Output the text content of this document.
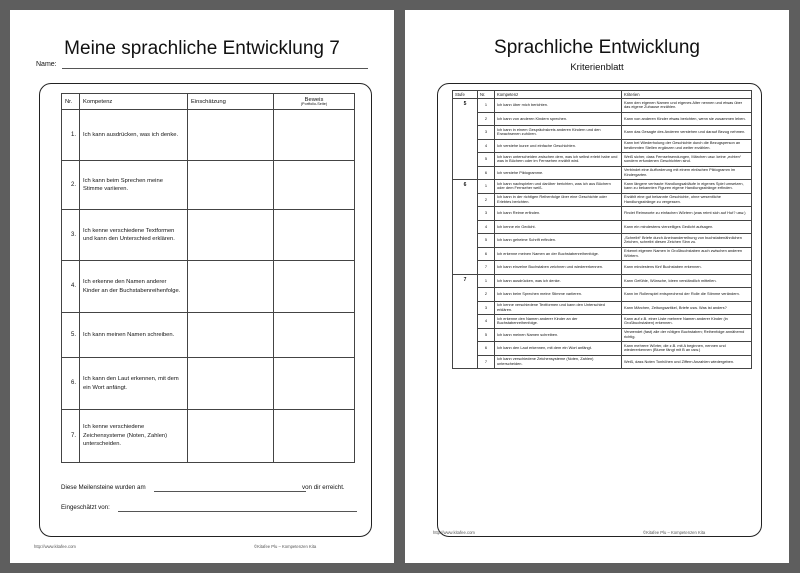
Meine sprachliche Entwicklung 7
Name:
Nr.	Kompetenz	Einschätzung	Beweis
(Portfolio-Seite)

1.	Ich kann ausdrücken, was ich denke.		
2.	Ich kann beim Sprechen meine Stimme variieren.		
3.	Ich kenne verschiedene Textformen und kann den Unterschied erklären.		
4.	Ich erkenne den Namen anderer Kinder an der Buchstabenreihenfolge.		
5.	Ich kann meinen Namen schreiben.		
6.	Ich kann den Laut erkennen, mit dem ein Wort anfängt.		
7.	Ich kenne verschiedene Zeichensysteme (Noten, Zahlen) unterscheiden.		
Diese Meilensteine wurden am	von dir erreicht.
Eingeschätzt von:
http://www.kitafee.com	©Kitafee Plu – Kompetenzen Kita
Sprachliche Entwicklung
Kriterienblatt
Stufe	Nr.	Kompetenz	Kriterien
5	1	Ich kann über mich berichten.	Kann den eigenen Namen und eigenes Alter nennen und etwas über das eigene Zuhause erzählen.
	2	Ich kann von anderen Kindern sprechen.	Kann von anderen Kinder etwas berichten, wenn sie zusammen leben.
	3	Ich kann in einem Gesprächskreis anderen Kindern und den Erwachsenen zuhören.	Kann das Gesagte des Anderen verstehen und darauf Bezug nehmen.
	4	Ich verstehe kurze und einfache Geschichten.	Kann bei Wiederholung der Geschichte durch die Bezugsperson an bestimmten Stellen ergänzen und weiter erzählen.
	5	Ich kann unterscheiden zwischen dem, was ich selbst erlebt habe und was in Büchern oder im Fernsehen erzählt wird.	Weiß sicher, dass Fernsehsendungen, Märchen usw. keine „echten“ sondern erfundenen Geschichten sind.
	6	Ich verstehe Piktogramme.	Verbindet eine Aufforderung mit einem einfachen Piktogramm im Kindergarten.
6	1	Ich kann nachspielen und darüber berichten, was ich aus Büchern oder dem Fernseher weiß.	Kann längere vertraute Handlungsabläufe in eigenes Spiel umsetzen, kann zu bekannten Figuren eigene Handlungsstränge erfinden.
	2	Ich kann in der richtigen Reihenfolge über eine Geschichte oder Erlebtes berichten.	Erzählt eine gut bekannte Geschichte, ohne wesentliche Handlungsstränge zu vergessen.
	3	Ich kann Reime erfinden.	Findet Reimworte zu einfachen Wörtern (was reimt sich auf Hut? usw.)
	4	Ich kenne ein Gedicht.	Kann ein mindestens vierzeiliges Gedicht aufsagen.
	5	Ich kann geheime Schrift erfinden.	„Schreibt“ Briefe durch Aneinanderreihung von buchstabenähnlichen Zeichen, schreibt diesen Zeichen Sinn zu.
	6	Ich erkenne meinen Namen an der Buchstabenreihenfolge.	Erkennt eigenen Namen in Großbuchstaben auch zwischen anderen Wörtern.
	7	Ich kann einzelne Buchstaben zeichnen und wiedererkennen.	Kann mindestens fünf Buchstaben erkennen.
7	1	Ich kann ausdrücken, was ich denke.	Kann Gefühle, Wünsche, Ideen verständlich mitteilen.
	2	Ich kann beim Sprechen meine Stimme variieren.	Kann im Rollenspiel entsprechend der Rolle die Stimme verändern.
	3	Ich kenne verschiedene Textformen und kann den Unterschied erklären.	Kann Märchen, Zeitungsartikel, Briefe usw. Was ist anders?
	4	Ich erkenne den Namen anderer Kinder an der Buchstabenreihenfolge.	Kann auf z.B. einer Liste mehrere Namen anderer Kinder (in Großbuchstaben) erkennen.
	5	Ich kann meinen Namen schreiben.	Verwendet (fast) alle der nötigen Buchstaben; Reihenfolge annähernd richtig.
	6	Ich kann den Laut erkennen, mit dem ein Wort anfängt.	Kann mehrere Wörter, die z.B. mit A beginnen, nennen und wiedererkennen (Blume fängt mit B an usw.)
	7	Ich kann verschiedene Zeichensysteme (Noten, Zahlen) unterscheiden.	Weiß, dass Noten Tonhöhen und Ziffern Anzahlen wiedergeben.
http://www.kitafee.com	©Kitafee Plu – Kompetenzen Kita
